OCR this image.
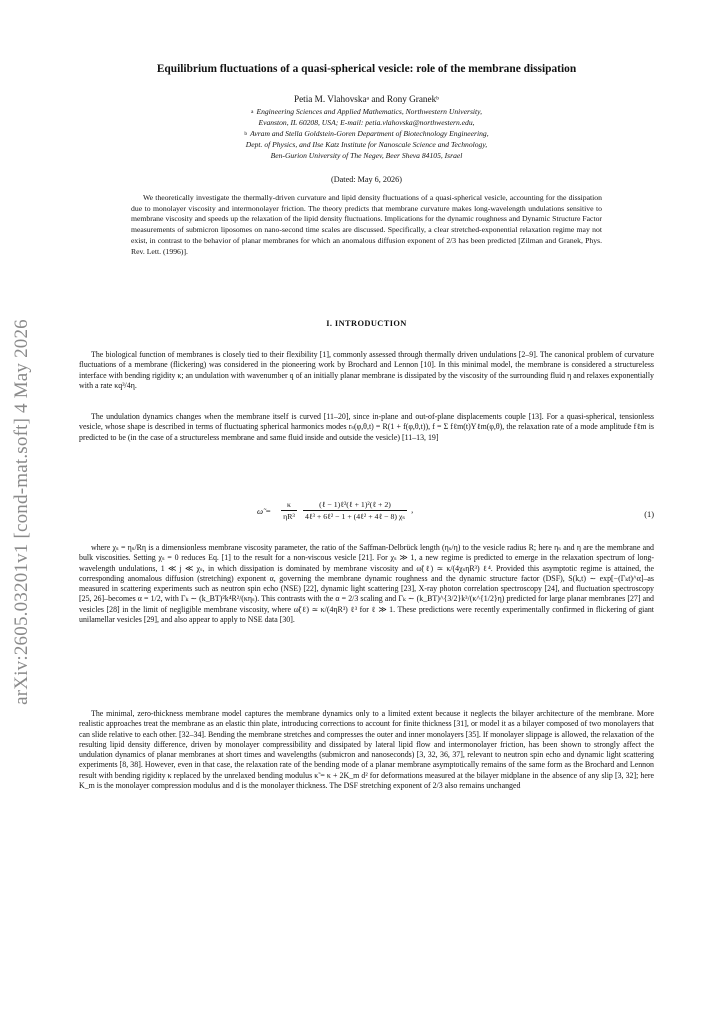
arXiv:2605.03201v1 [cond-mat.soft] 4 May 2026
Equilibrium fluctuations of a quasi-spherical vesicle: role of the membrane dissipation
Petia M. Vlahovskaᵃ and Rony Granekᵇ
$^a$ Engineering Sciences and Applied Mathematics, Northwestern University,
Evanston, IL 60208, USA; E-mail: petia.vlahovska@northwestern.edu,
$^b$ Avram and Stella Goldstein-Goren Department of Biotechnology Engineering,
Dept. of Physics, and Ilse Katz Institute for Nanoscale Science and Technology,
Ben-Gurion University of The Negev, Beer Sheva 84105, Israel
(Dated: May 6, 2026)
We theoretically investigate the thermally-driven curvature and lipid density fluctuations of a quasi-spherical vesicle, accounting for the dissipation due to monolayer viscosity and intermonolayer friction. The theory predicts that membrane curvature makes long-wavelength undulations sensitive to membrane viscosity and speeds up the relaxation of the lipid density fluctuations. Implications for the dynamic roughness and Dynamic Structure Factor measurements of submicron liposomes on nano-second time scales are discussed. Specifically, a clear stretched-exponential relaxation regime may not exist, in contrast to the behavior of planar membranes for which an anomalous diffusion exponent of 2/3 has been predicted [Zilman and Granek, Phys. Rev. Lett. (1996)].
I. INTRODUCTION
The biological function of membranes is closely tied to their flexibility [1], commonly assessed through thermally driven undulations [2–9]. The canonical problem of curvature fluctuations of a membrane (flickering) was considered in the pioneering work by Brochard and Lennon [10]. In this minimal model, the membrane is considered a structureless interface with bending rigidity κ; an undulation with wavenumber q of an initially planar membrane is dissipated by the viscosity of the surrounding fluid η and relaxes exponentially with a rate κq³/4η.
The undulation dynamics changes when the membrane itself is curved [11–20], since in-plane and out-of-plane displacements couple [13]. For a quasi-spherical, tensionless vesicle, whose shape is described in terms of fluctuating spherical harmonics modes rₛ(φ,θ,t) = R(1 + f(φ,θ,t)), f = Σ fℓm(t)Yℓm(φ,θ), the relaxation rate of a mode amplitude fℓm is predicted to be (in the case of a structureless membrane and same fluid inside and outside the vesicle) [11–13, 19]
ω̃ = $\frac{\kappa}{\text{ηR³}}$
$\frac{\text{(ℓ − 1)ℓ²(ℓ + 1)²(ℓ + 2)}}{\text{4ℓ³ + 6ℓ² − 1 + (4ℓ² + 4ℓ − 8) χₛ}}$ ,
(1)
where χₛ = ηₛ/Rη is a dimensionless membrane viscosity parameter, the ratio of the Saffman-Delbrück length (ηₛ/η) to the vesicle radius R; here ηₛ and η are the membrane and bulk viscosities. Setting χₛ = 0 reduces Eq. [1] to the result for a non-viscous vesicle [21]. For χₛ ≫ 1, a new regime is predicted to emerge in the relaxation spectrum of long-wavelength undulations, 1 ≪ j ≪ χₛ, in which dissipation is dominated by membrane viscosity and ω̃(ℓ) ≃ κ/(4χₛηR³) ℓ⁴. Provided this asymptotic regime is attained, the corresponding anomalous diffusion (stretching) exponent α, governing the membrane dynamic roughness and the dynamic structure factor (DSF), S(k,t) ∼ exp[−(Γₖt)^α]–as measured in scattering experiments such as neutron spin echo (NSE) [22], dynamic light scattering [23], X-ray photon correlation spectroscopy [24], and fluctuation spectroscopy [25, 26]–becomes α = 1/2, with Γₖ ∼ (k_BT)²k⁴R²/(κηₛ). This contrasts with the α = 2/3 scaling and Γₖ ∼ (k_BT)^{3/2}k³/(κ^{1/2}η) predicted for large planar membranes [27] and vesicles [28] in the limit of negligible membrane viscosity, where ω̃(ℓ) ≃ κ/(4ηR³) ℓ³ for ℓ ≫ 1. These predictions were recently experimentally confirmed in flickering of giant unilamellar vesicles [29], and also appear to apply to NSE data [30].
The minimal, zero-thickness membrane model captures the membrane dynamics only to a limited extent because it neglects the bilayer architecture of the membrane. More realistic approaches treat the membrane as an elastic thin plate, introducing corrections to account for finite thickness [31], or model it as a bilayer composed of two monolayers that can slide relative to each other. [32–34]. Bending the membrane stretches and compresses the outer and inner monolayers [35]. If monolayer slippage is allowed, the relaxation of the resulting lipid density difference, driven by monolayer compressibility and dissipated by lateral lipid flow and intermonolayer friction, has been shown to strongly affect the undulation dynamics of planar membranes at short times and wavelengths (submicron and nanoseconds) [3, 32, 36, 37], relevant to neutron spin echo and dynamic light scattering experiments [8, 38]. However, even in that case, the relaxation rate of the bending mode of a planar membrane asymptotically remains of the same form as the Brochard and Lennon result with bending rigidity κ replaced by the unrelaxed bending modulus κ̃ = κ + 2K_m d² for deformations measured at the bilayer midplane in the absence of any slip [3, 32]; here K_m is the monolayer compression modulus and d is the monolayer thickness. The DSF stretching exponent of 2/3 also remains unchanged
